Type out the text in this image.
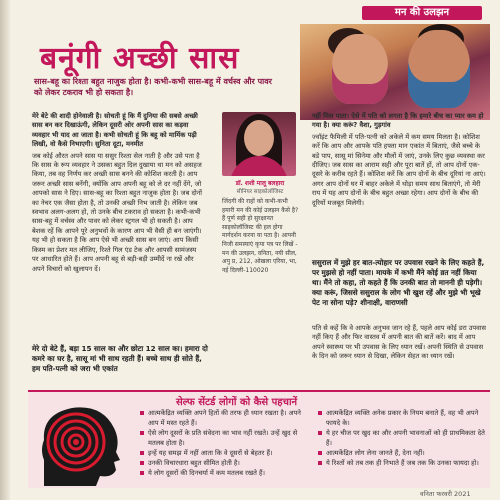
मन की उलझन
बनूंगी अच्छी सास
सास-बहू का रिश्ता बहुत नाजुक होता है। कभी-कभी सास-बहू में वर्चस्व और पावर को लेकर टकराव भी हो सकता है।
मेरे बेटे की शादी होनेवाली है। सोचती हूं कि मैं दुनिया की सबसे अच्छी सास बन कर दिखाऊंगी, लेकिन दूसरी ओर अपनी सास का कड़वा व्यवहार भी याद आ जाता है। कभी सोचती हूं कि बहू को मार्मिक पढ़ी लिखी, वो कैसे निभाएगी। सुनिता दूटा, मनमीत
जब कोई औरत अपने सास या ससुर रिश्ता सेल नाती है और उसे पता है कि सास के रूप व्यवहार ने उसका बहुत दिल दुखाया था मन को असहज किया, तब वह निर्णय कर अच्छी सास बनने की कोशिश करती है। आप जरूर अच्छी सास बनेंगी, क्योंकि आप अपनी बहू को ले दर नहीं देंगे, जो आपको सास ने दिए। सास-बहू का रिश्ता बहुत नाजुक होता है। जब दोनों का नेचर एक जैसा होता है, तो उनकी अच्छी निभ जाती है। लेकिन जब स्वभाव अलग-अलग हो, तो उनके बीच टकराव हो सकता है। कभी-कभी सास-बहू में वर्चस्व और पावर को लेकर स्ट्रगल भी हो सकती है। आप बेशक रहें कि आपने पूरे अनुभवों के कारण आप भी वैसी ही बन जाएंगी। यह भी हो सकता है कि आप ऐसे भी अच्छी सास बन जाएं। आप किसी किस्म का प्रेशर मत लीजिए, रिश्ते गिल एंड टेक और आपसी सामंजस्य पर आधारित होते हैं। आप अपनी बहू से बड़ी-बड़ी उम्मीदें ना रखें और अपने विचारों को खुलापन दें।
मेरे दो बेटे हैं, बड़ा 15 साल का और छोटा 12 साल का। हमारा दो कमरे का घर है, सासू मां भी साथ रहती हैं। बच्चे साथ ही सोते हैं, हम पति-पत्नी को जरा भी एकांत
डॉ. शशी मालू बलहारा
सीनियर साइकोलॉजिस्ट
जिंदगी की राहों को कभी-कभी हमारी मन की कोई उलझन कैसे है? हैं पूर्ण सही हो सुरक्षानत साइकोलॉजिस्ट की हल होगा मार्गदर्शन करना या पता है। आपनी निजी समस्याएं कृपा पत्र पर लिखें - मन की उलझन, वनिता, नयी सील, अपु प्र, 212, ओखला एरिया, भा, नई दिल्ली-110020
नहीं मिल पाता। ऐसे में पति को लगता है कि हमारे बीच का प्यार कम हो गया है। क्या करूं? वैशा, गुड़गांव
ज्वॉइंट फैमिली में पति-पत्नी को अकेले में कम समय मिलता है। कोशिश करें कि आप और आपके पति हफ्ता मान एकांत में बिताएं, जैसे बच्चे के बडे पाप, सासू मां सिनेमा और मौलों में जाएं, उनके लिए कुछ व्यवस्था कर दीजिए। जब सास का आराम सही और पूरा बातें हों, तो आप दोनों एक-दूसरे के करीब रहते हैं। कोशिश करें कि आप दोनों के बीच दूरियां ना आएं। अगर आप दोनों घर में बाहर अकेले में थोड़ा समय साथ बिताएंगे, तो मेरी राय में यह आप दोनों के बीच बहुत अच्छा रहेगा। आप दोनों के बीच की दूरियों मजबूत मिलेगी।
ससुराल में मुझे हर बात-त्योहार पर उपवास रखने के लिए कहते हैं, पर मुझसे हो नहीं पाता। मायके में कभी मैंने कोई व्रत नहीं किया था। मैंने तो कहा, तो कहते हैं कि उनकी बात तो माननी ही पड़ेगी। क्या करूं, जिससे ससुराल के लोग भी खुश रहें और मुझे भी भूखे पेट ना सोना पड़े? शीनाक्षी, वाराणसी
पति से कहें कि वे आपके अनुभव जान रहे हैं, पहले आप कोई डरा उपवास नहीं किए हैं और फिर वास्तव में अपनी बात की बातें करें। बाद में आप अपने स्वास्थ्य पर भी उपवास के लिए ध्यान रखें। अपनी स्थिति से उपवास के दिन को जरूर ध्यान से दिखा, लेकिन सेहत का ध्यान रखें।
सेल्फ सेंटर्ड लोगों को कैसे पहचानें
आत्मकेंद्रित व्यक्ति अपने हितों की तरफ ही ध्यान रखता है। अपने आप में मस्त रहते हैं।
ऐसे लोग दूसरों के प्रति संवेदना का भाव नहीं रखते। उन्हें खुद से मतलब होता है।
इन्हें यह समझ में नहीं आता कि वे दूसरों से बेहतर हैं।
उनकी विचारधारा बहुत सीमित होती है।
ये लोग दूसरों की दिनचर्या में कम मतलब रखते हैं।
आत्मकेंद्रित व्यक्ति अनेक प्रकार के नियम बनाते हैं, वह भी अपने फायदे के।
ये हर चीज पर खुद का और अपनी भावनाओं को ही प्राथमिकता देते हैं।
आत्मकेंद्रित लोग लेना जानते हैं, देना नहीं।
ये रिश्तों को तब तक ही निभाते हैं जब तक कि उनका फायदा हो।
वनिता फरवरी 2021
